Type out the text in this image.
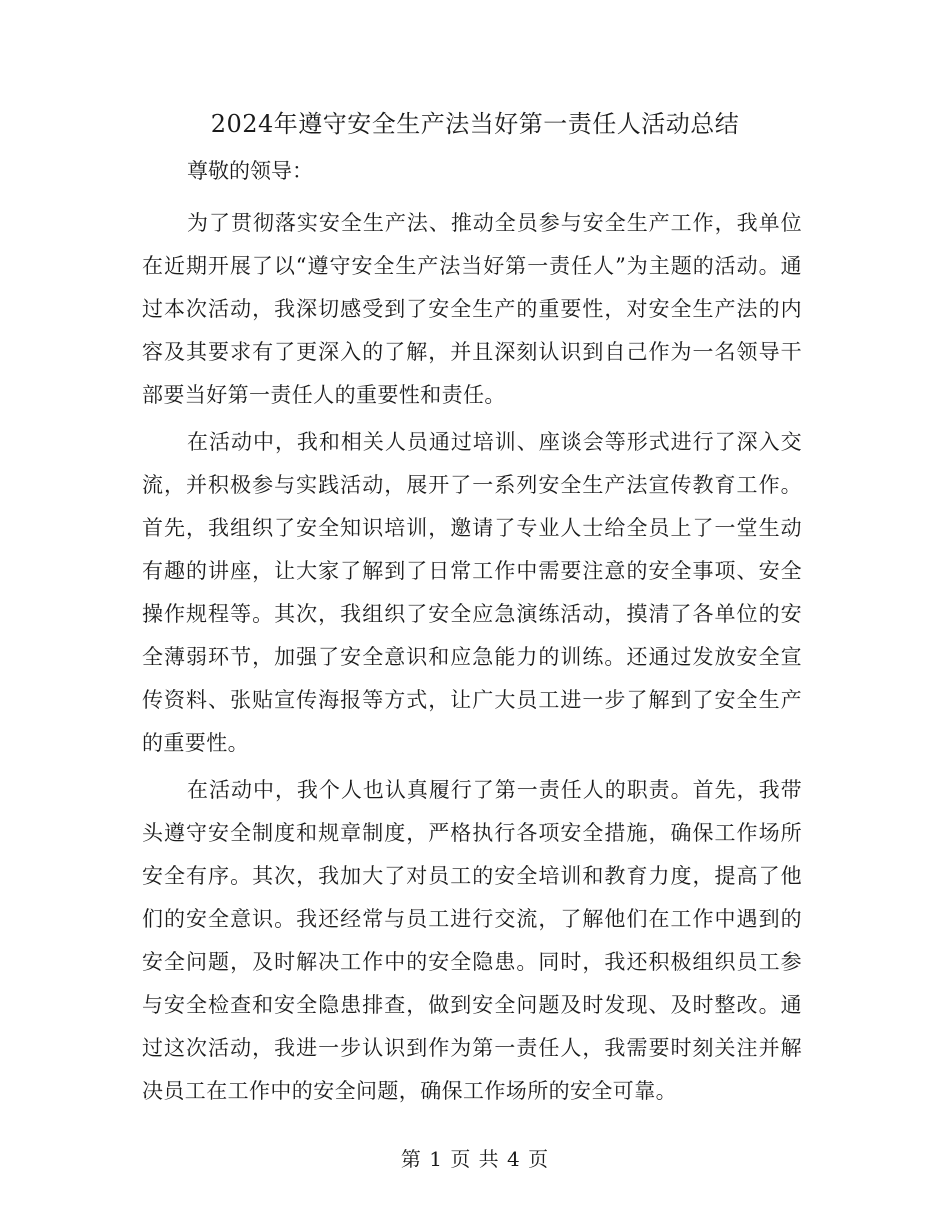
2024年遵守安全生产法当好第一责任人活动总结

尊敬的领导：

为了贯彻落实安全生产法、推动全员参与安全生产工作，我单位在近期开展了以“遵守安全生产法当好第一责任人”为主题的活动。通过本次活动，我深切感受到了安全生产的重要性，对安全生产法的内容及其要求有了更深入的了解，并且深刻认识到自己作为一名领导干部要当好第一责任人的重要性和责任。

在活动中，我和相关人员通过培训、座谈会等形式进行了深入交流，并积极参与实践活动，展开了一系列安全生产法宣传教育工作。首先，我组织了安全知识培训，邀请了专业人士给全员上了一堂生动有趣的讲座，让大家了解到了日常工作中需要注意的安全事项、安全操作规程等。其次，我组织了安全应急演练活动，摸清了各单位的安全薄弱环节，加强了安全意识和应急能力的训练。还通过发放安全宣传资料、张贴宣传海报等方式，让广大员工进一步了解到了安全生产的重要性。

在活动中，我个人也认真履行了第一责任人的职责。首先，我带头遵守安全制度和规章制度，严格执行各项安全措施，确保工作场所安全有序。其次，我加大了对员工的安全培训和教育力度，提高了他们的安全意识。我还经常与员工进行交流，了解他们在工作中遇到的安全问题，及时解决工作中的安全隐患。同时，我还积极组织员工参与安全检查和安全隐患排查，做到安全问题及时发现、及时整改。通过这次活动，我进一步认识到作为第一责任人，我需要时刻关注并解决员工在工作中的安全问题，确保工作场所的安全可靠。

第 1 页 共 4 页
